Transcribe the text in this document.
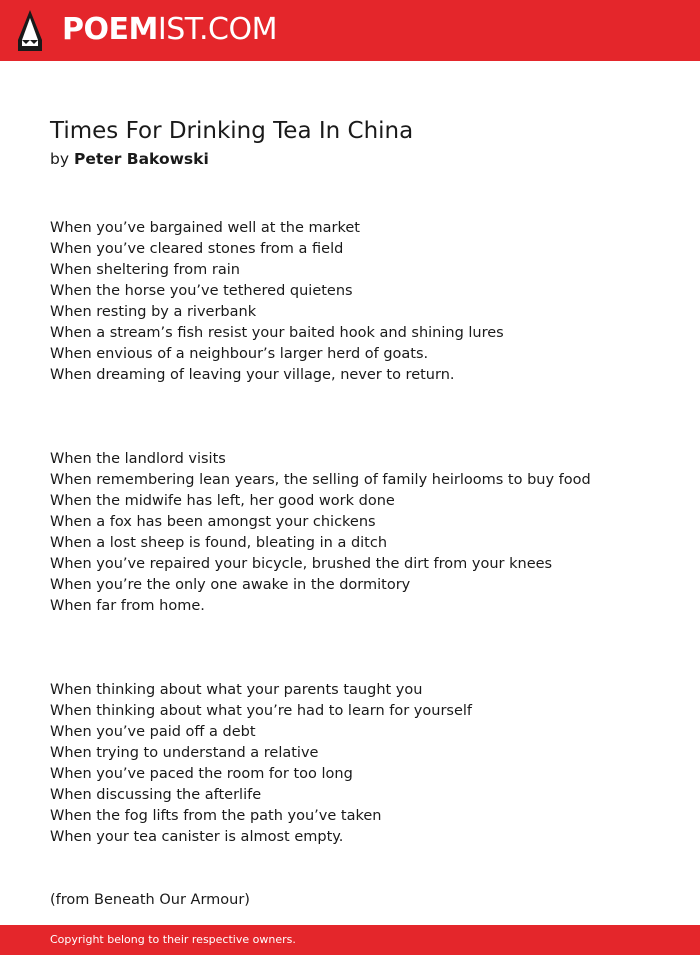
POEMIST.COM
Times For Drinking Tea In China
by Peter Bakowski
When you’ve bargained well at the market
When you’ve cleared stones from a field
When sheltering from rain
When the horse you’ve tethered quietens
When resting by a riverbank
When a stream’s fish resist your baited hook and shining lures
When envious of a neighbour’s larger herd of goats.
When dreaming of leaving your village, never to return.
When the landlord visits
When remembering lean years, the selling of family heirlooms to buy food
When the midwife has left, her good work done
When a fox has been amongst your chickens
When a lost sheep is found, bleating in a ditch
When you’ve repaired your bicycle, brushed the dirt from your knees
When you’re the only one awake in the dormitory
When far from home.
When thinking about what your parents taught you
When thinking about what you’re had to learn for yourself
When you’ve paid off a debt
When trying to understand a relative
When you’ve paced the room for too long
When discussing the afterlife
When the fog lifts from the path you’ve taken
When your tea canister is almost empty.
(from Beneath Our Armour)
Copyright belong to their respective owners.
